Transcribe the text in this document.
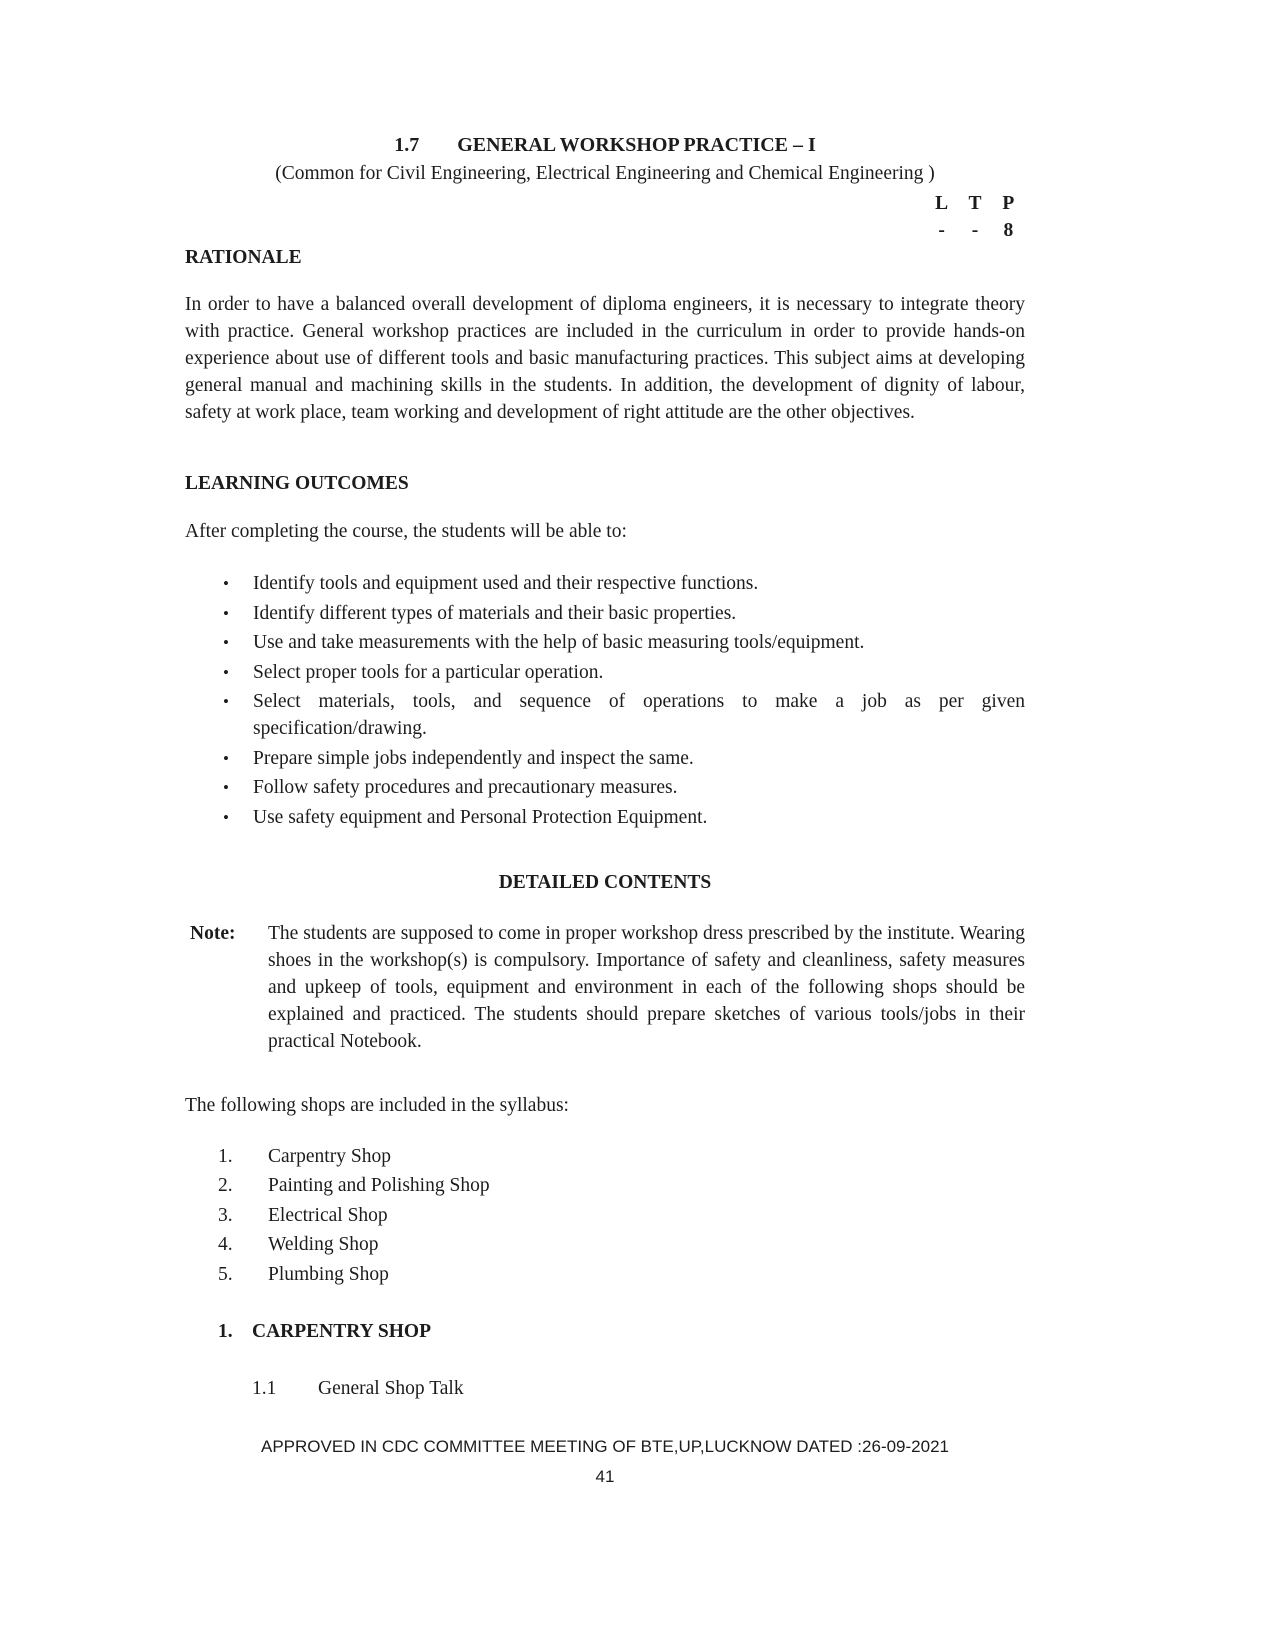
1.7 GENERAL WORKSHOP PRACTICE – I
(Common for Civil Engineering, Electrical Engineering and Chemical Engineering )
L	T	P
-	-	8
RATIONALE
In order to have a balanced overall development of diploma engineers, it is necessary to integrate theory with practice. General workshop practices are included in the curriculum in order to provide hands-on experience about use of different tools and basic manufacturing practices. This subject aims at developing general manual and machining skills in the students. In addition, the development of dignity of labour, safety at work place, team working and development of right attitude are the other objectives.
LEARNING OUTCOMES
After completing the course, the students will be able to:
•	Identify tools and equipment used and their respective functions.
•	Identify different types of materials and their basic properties.
•	Use and take measurements with the help of basic measuring tools/equipment.
•	Select proper tools for a particular operation.
•	Select materials, tools, and sequence of operations to make a job as per given specification/drawing.
•	Prepare simple jobs independently and inspect the same.
•	Follow safety procedures and precautionary measures.
•	Use safety equipment and Personal Protection Equipment.
DETAILED CONTENTS
Note:	The students are supposed to come in proper workshop dress prescribed by the institute. Wearing shoes in the workshop(s) is compulsory. Importance of safety and cleanliness, safety measures and upkeep of tools, equipment and environment in each of the following shops should be explained and practiced. The students should prepare sketches of various tools/jobs in their practical Notebook.
The following shops are included in the syllabus:
1.	Carpentry Shop
2.	Painting and Polishing Shop
3.	Electrical Shop
4.	Welding Shop
5.	Plumbing Shop
1. CARPENTRY SHOP
1.1	General Shop Talk
APPROVED IN CDC COMMITTEE MEETING OF BTE,UP,LUCKNOW DATED :26-09-2021
41
